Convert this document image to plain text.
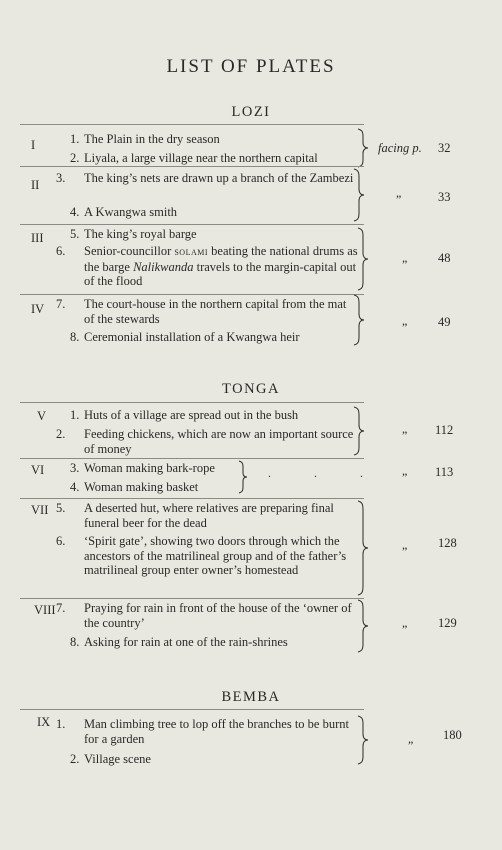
LIST OF PLATES
LOZI
I	1. The Plain in the dry season
2. Liyala, a large village near the northern capital
facing p. 32
II 3. The king’s nets are drawn up a branch of the Zambezi
4. A Kwangwa smith
”	33
III 5. The king’s royal barge
6. Senior-councillor solami beating the national drums as the barge Nalikwanda travels to the margin-capital out of the flood
” 48
IV 7. The court-house in the northern capital from the mat of the stewards
8. Ceremonial installation of a Kwangwa heir
” 49
TONGA
V 1. Huts of a village are spread out in the bush
2. Feeding chickens, which are now an important source of money
” 112
VI 3. Woman making bark-rope
4. Woman making basket
. . . ” 113
VII 5. A deserted hut, where relatives are preparing final funeral beer for the dead
6. ‘Spirit gate’, showing two doors through which the ancestors of the matrilineal group and of the father’s matrilineal group enter owner’s homestead
”
128
VIII 7. Praying for rain in front of the house of the ‘owner of the country’
8. Asking for rain at one of the rain-shrines
” 129
BEMBA
IX 1. Man climbing tree to lop off the branches to be burnt for a garden
2. Village scene
”
180
